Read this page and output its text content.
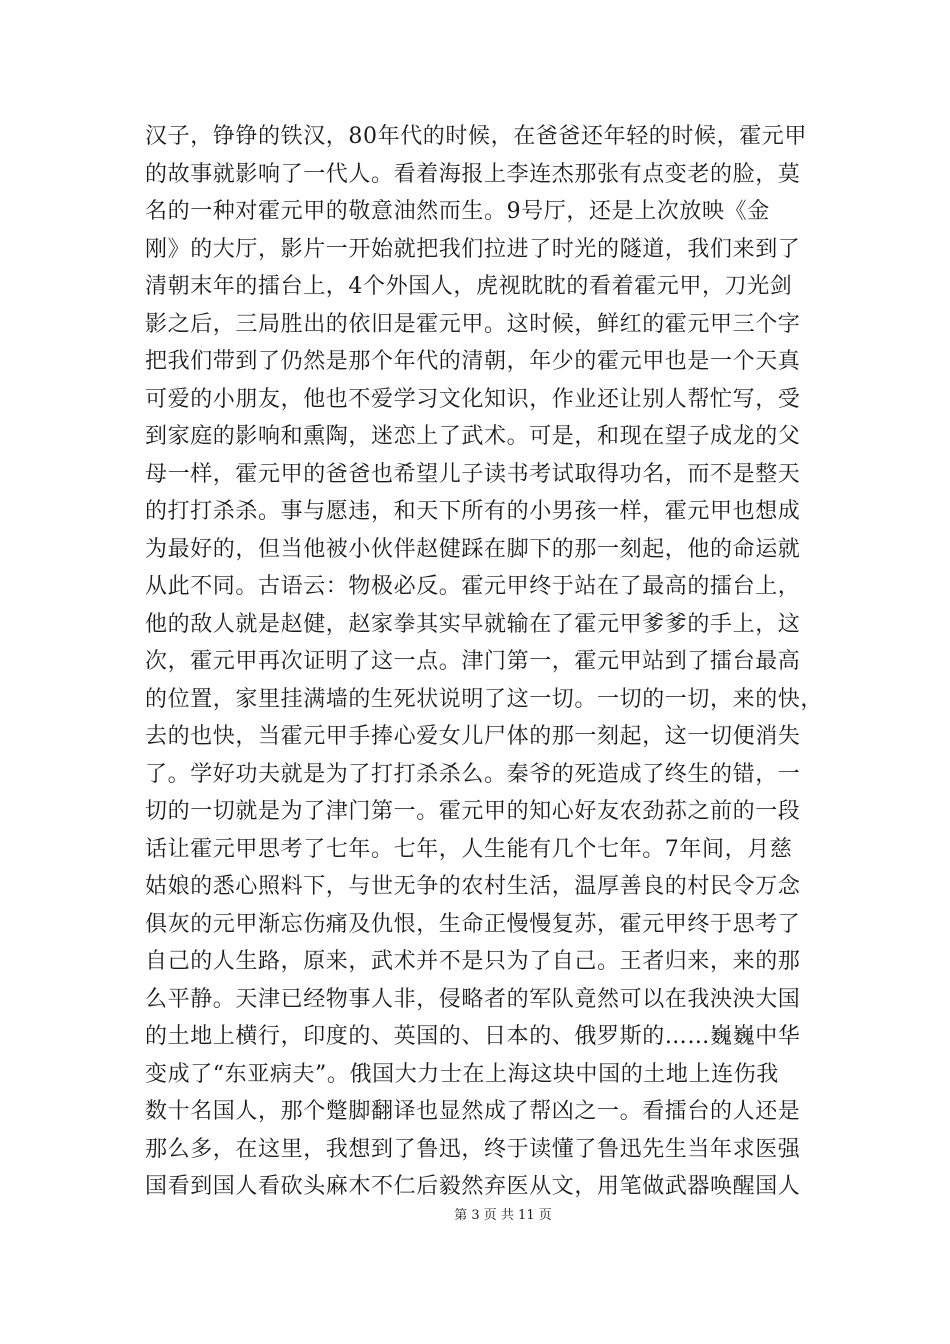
汉子，铮铮的铁汉，80年代的时候，在爸爸还年轻的时候，霍元甲
的故事就影响了一代人。看着海报上李连杰那张有点变老的脸，莫
名的一种对霍元甲的敬意油然而生。9号厅，还是上次放映《金
刚》的大厅，影片一开始就把我们拉进了时光的隧道，我们来到了
清朝末年的擂台上，4个外国人，虎视眈眈的看着霍元甲，刀光剑
影之后，三局胜出的依旧是霍元甲。这时候，鲜红的霍元甲三个字
把我们带到了仍然是那个年代的清朝，年少的霍元甲也是一个天真
可爱的小朋友，他也不爱学习文化知识，作业还让别人帮忙写，受
到家庭的影响和熏陶，迷恋上了武术。可是，和现在望子成龙的父
母一样，霍元甲的爸爸也希望儿子读书考试取得功名，而不是整天
的打打杀杀。事与愿违，和天下所有的小男孩一样，霍元甲也想成
为最好的，但当他被小伙伴赵健踩在脚下的那一刻起，他的命运就
从此不同。古语云：物极必反。霍元甲终于站在了最高的擂台上，
他的敌人就是赵健，赵家拳其实早就输在了霍元甲爹爹的手上，这
次，霍元甲再次证明了这一点。津门第一，霍元甲站到了擂台最高
的位置，家里挂满墙的生死状说明了这一切。一切的一切，来的快，
去的也快，当霍元甲手捧心爱女儿尸体的那一刻起，这一切便消失
了。学好功夫就是为了打打杀杀么。秦爷的死造成了终生的错，一
切的一切就是为了津门第一。霍元甲的知心好友农劲荪之前的一段
话让霍元甲思考了七年。七年，人生能有几个七年。7年间，月慈
姑娘的悉心照料下，与世无争的农村生活，温厚善良的村民令万念
俱灰的元甲渐忘伤痛及仇恨，生命正慢慢复苏，霍元甲终于思考了
自己的人生路，原来，武术并不是只为了自己。王者归来，来的那
么平静。天津已经物事人非，侵略者的军队竟然可以在我泱泱大国
的土地上横行，印度的、英国的、日本的、俄罗斯的……巍巍中华
变成了“东亚病夫”。俄国大力士在上海这块中国的土地上连伤我
数十名国人，那个蹩脚翻译也显然成了帮凶之一。看擂台的人还是
那么多，在这里，我想到了鲁迅，终于读懂了鲁迅先生当年求医强
国看到国人看砍头麻木不仁后毅然弃医从文，用笔做武器唤醒国人
第 3 页 共 11 页
